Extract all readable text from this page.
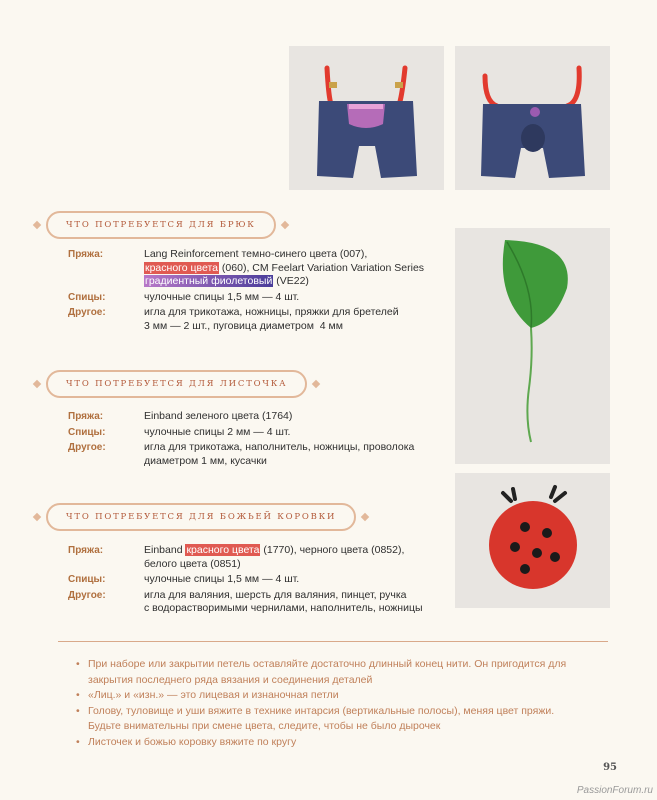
ЧТО ПОТРЕБУЕТСЯ ДЛЯ БРЮК
Пряжа:	Lang Reinforcement темно-синего цвета (007),
красного цвета (060), CM Feelart Variation Variation Series
градиентный фиолетовый (VE22)
Спицы:	чулочные спицы 1,5 мм — 4 шт.
Другое:	игла для трикотажа, ножницы, пряжки для бретелей
3 мм — 2 шт., пуговица диаметром  4 мм
ЧТО ПОТРЕБУЕТСЯ ДЛЯ ЛИСТОЧКА
Пряжа:	Einband зеленого цвета (1764)
Спицы:	чулочные спицы 2 мм — 4 шт.
Другое:	игла для трикотажа, наполнитель, ножницы, проволока
диаметром 1 мм, кусачки
ЧТО ПОТРЕБУЕТСЯ ДЛЯ БОЖЬЕЙ КОРОВКИ
Пряжа:	Einband красного цвета (1770), черного цвета (0852),
белого цвета (0851)
Спицы:	чулочные спицы 1,5 мм — 4 шт.
Другое:	игла для валяния, шерсть для валяния, пинцет, ручка
с водорастворимыми чернилами, наполнитель, ножницы
• При наборе или закрытии петель оставляйте достаточно длинный конец нити. Он пригодится для закрытия последнего ряда вязания и соединения деталей
• «Лиц.» и «изн.» — это лицевая и изнаночная петли
• Голову, туловище и уши вяжите в технике интарсия (вертикальные полосы), меняя цвет пряжи. Будьте внимательны при смене цвета, следите, чтобы не было дырочек
• Листочек и божью коровку вяжите по кругу
95
PassionForum.ru
